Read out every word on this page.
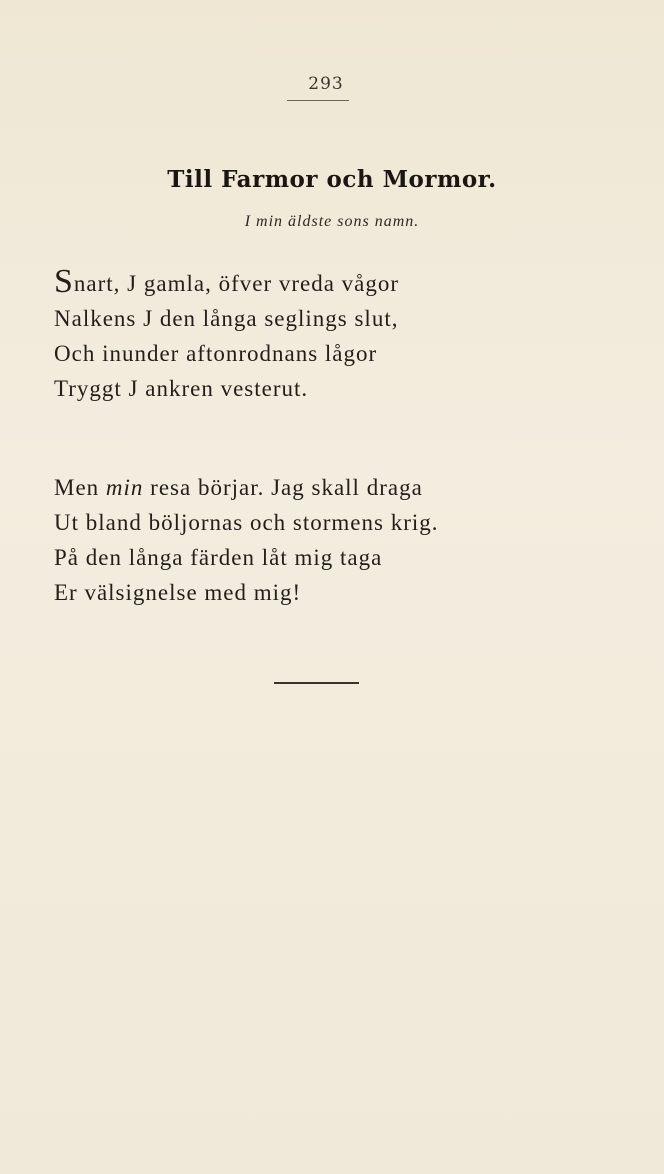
293
Till Farmor och Mormor.
I min äldste sons namn.
Snart, J gamla, öfver vreda vågor
Nalkens J den långa seglings slut,
Och inunder aftonrodnans lågor
Tryggt J ankren vesterut.
Men min resa börjar. Jag skall draga
Ut bland böljornas och stormens krig.
På den långa färden låt mig taga
Er välsignelse med mig!
